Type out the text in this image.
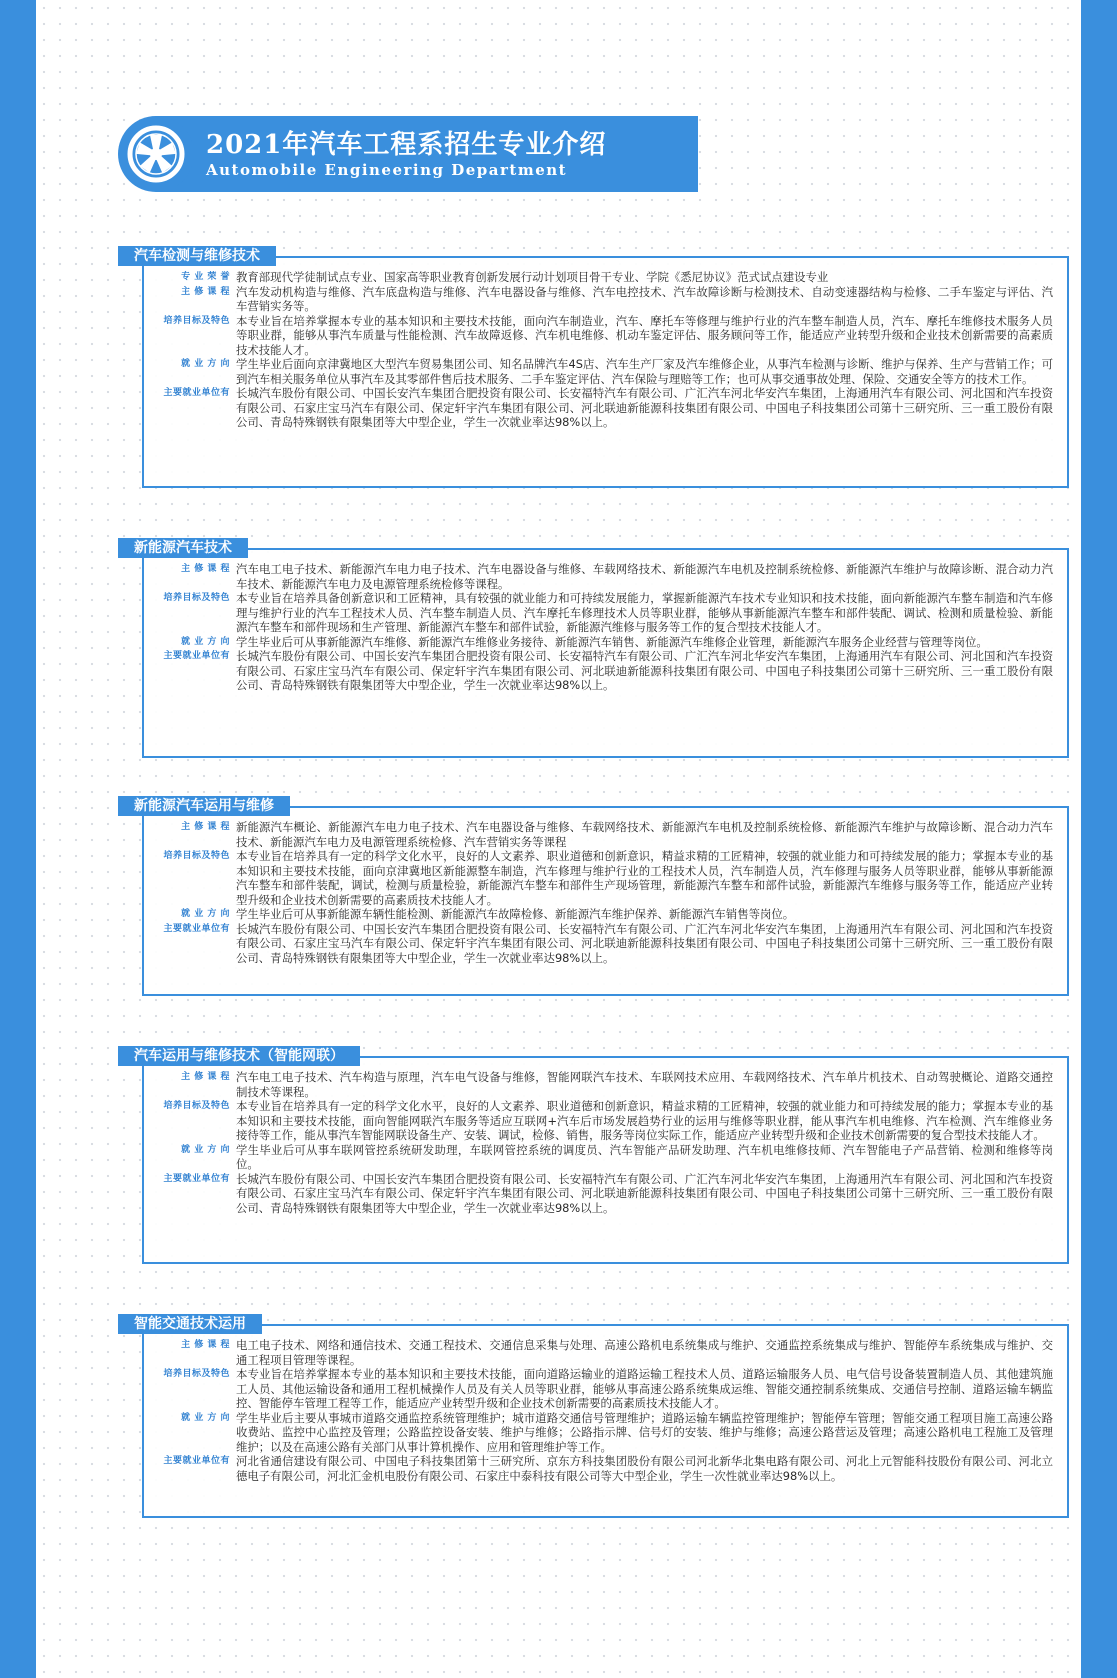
2021年汽车工程系招生专业介绍
Automobile Engineering Department
汽车检测与维修技术
专 业 荣 誉 教育部现代学徒制试点专业、国家高等职业教育创新发展行动计划项目骨干专业、学院《悉尼协议》范式试点建设专业
主 修 课 程 汽车发动机构造与维修、汽车底盘构造与维修、汽车电器设备与维修、汽车电控技术、汽车故障诊断与检测技术、自动变速器结构与检修、二手车鉴定与评估、汽车营销实务等。
培养目标及特色 本专业旨在培养掌握本专业的基本知识和主要技术技能，面向汽车制造业，汽车、摩托车等修理与维护行业的汽车整车制造人员，汽车、摩托车维修技术服务人员等职业群，能够从事汽车质量与性能检测、汽车故障返修、汽车机电维修、机动车鉴定评估、服务顾问等工作，能适应产业转型升级和企业技术创新需要的高素质技术技能人才。
就 业 方 向 学生毕业后面向京津冀地区大型汽车贸易集团公司、知名品牌汽车4S店、汽车生产厂家及汽车维修企业，从事汽车检测与诊断、维护与保养、生产与营销工作；可到汽车相关服务单位从事汽车及其零部件售后技术服务、二手车鉴定评估、汽车保险与理赔等工作；也可从事交通事故处理、保险、交通安全等方的技术工作。
主要就业单位有 长城汽车股份有限公司、中国长安汽车集团合肥投资有限公司、长安福特汽车有限公司、广汇汽车河北华安汽车集团，上海通用汽车有限公司、河北国和汽车投资有限公司、石家庄宝马汽车有限公司、保定轩宇汽车集团有限公司、河北联迪新能源科技集团有限公司、中国电子科技集团公司第十三研究所、三一重工股份有限公司、青岛特殊钢铁有限集团等大中型企业，学生一次就业率达98%以上。
新能源汽车技术
主 修 课 程 汽车电工电子技术、新能源汽车电力电子技术、汽车电器设备与维修、车载网络技术、新能源汽车电机及控制系统检修、新能源汽车维护与故障诊断、混合动力汽车技术、新能源汽车电力及电源管理系统检修等课程。
培养目标及特色 本专业旨在培养具备创新意识和工匠精神，具有较强的就业能力和可持续发展能力，掌握新能源汽车技术专业知识和技术技能，面向新能源汽车整车制造和汽车修理与维护行业的汽车工程技术人员、汽车整车制造人员、汽车摩托车修理技术人员等职业群，能够从事新能源汽车整车和部件装配、调试、检测和质量检验、新能源汽车整车和部件现场和生产管理、新能源汽车整车和部件试验，新能源汽维修与服务等工作的复合型技术技能人才。
就 业 方 向 学生毕业后可从事新能源汽车维修、新能源汽车维修业务接待、新能源汽车销售、新能源汽车维修企业管理，新能源汽车服务企业经营与管理等岗位。
主要就业单位有 长城汽车股份有限公司、中国长安汽车集团合肥投资有限公司、长安福特汽车有限公司、广汇汽车河北华安汽车集团，上海通用汽车有限公司、河北国和汽车投资有限公司、石家庄宝马汽车有限公司、保定轩宇汽车集团有限公司、河北联迪新能源科技集团有限公司、中国电子科技集团公司第十三研究所、三一重工股份有限公司、青岛特殊钢铁有限集团等大中型企业，学生一次就业率达98%以上。
新能源汽车运用与维修
主 修 课 程 新能源汽车概论、新能源汽车电力电子技术、汽车电器设备与维修、车载网络技术、新能源汽车电机及控制系统检修、新能源汽车维护与故障诊断、混合动力汽车技术、新能源汽车电力及电源管理系统检修、汽车营销实务等课程
培养目标及特色 本专业旨在培养具有一定的科学文化水平，良好的人文素养、职业道德和创新意识，精益求精的工匠精神，较强的就业能力和可持续发展的能力；掌握本专业的基本知识和主要技术技能，面向京津冀地区新能源整车制造，汽车修理与维护行业的工程技术人员，汽车制造人员，汽车修理与服务人员等职业群，能够从事新能源汽车整车和部件装配，调试，检测与质量检验，新能源汽车整车和部件生产现场管理，新能源汽车整车和部件试验，新能源汽车维修与服务等工作，能适应产业转型升级和企业技术创新需要的高素质技术技能人才。
就 业 方 向 学生毕业后可从事新能源车辆性能检测、新能源汽车故障检修、新能源汽车维护保养、新能源汽车销售等岗位。
主要就业单位有 长城汽车股份有限公司、中国长安汽车集团合肥投资有限公司、长安福特汽车有限公司、广汇汽车河北华安汽车集团，上海通用汽车有限公司、河北国和汽车投资有限公司、石家庄宝马汽车有限公司、保定轩宇汽车集团有限公司、河北联迪新能源科技集团有限公司、中国电子科技集团公司第十三研究所、三一重工股份有限公司、青岛特殊钢铁有限集团等大中型企业，学生一次就业率达98%以上。
汽车运用与维修技术（智能网联）
主 修 课 程 汽车电工电子技术、汽车构造与原理，汽车电气设备与维修，智能网联汽车技术、车联网技术应用、车载网络技术、汽车单片机技术、自动驾驶概论、道路交通控制技术等课程。
培养目标及特色 本专业旨在培养具有一定的科学文化水平，良好的人文素养、职业道德和创新意识，精益求精的工匠精神，较强的就业能力和可持续发展的能力；掌握本专业的基本知识和主要技术技能，面向智能网联汽车服务等适应互联网+汽车后市场发展趋势行业的运用与维修等职业群，能从事汽车机电维修、汽车检测、汽车维修业务接待等工作，能从事汽车智能网联设备生产、安装、调试，检修、销售，服务等岗位实际工作，能适应产业转型升级和企业技术创新需要的复合型技术技能人才。
就 业 方 向 学生毕业后可从事车联网管控系统研发助理，车联网管控系统的调度员、汽车智能产品研发助理、汽车机电维修技师、汽车智能电子产品营销、检测和维修等岗位。
主要就业单位有 长城汽车股份有限公司、中国长安汽车集团合肥投资有限公司、长安福特汽车有限公司、广汇汽车河北华安汽车集团，上海通用汽车有限公司、河北国和汽车投资有限公司、石家庄宝马汽车有限公司、保定轩宇汽车集团有限公司、河北联迪新能源科技集团有限公司、中国电子科技集团公司第十三研究所、三一重工股份有限公司、青岛特殊钢铁有限集团等大中型企业，学生一次就业率达98%以上。
智能交通技术运用
主 修 课 程 电工电子技术、网络和通信技术、交通工程技术、交通信息采集与处理、高速公路机电系统集成与维护、交通监控系统集成与维护、智能停车系统集成与维护、交通工程项目管理等课程。
培养目标及特色 本专业旨在培养掌握本专业的基本知识和主要技术技能，面向道路运输业的道路运输工程技术人员、道路运输服务人员、电气信号设备装置制造人员、其他建筑施工人员、其他运输设备和通用工程机械操作人员及有关人员等职业群，能够从事高速公路系统集成运维、智能交通控制系统集成、交通信号控制、道路运输车辆监控、智能停车管理工程等工作，能适应产业转型升级和企业技术创新需要的高素质技术技能人才。
就 业 方 向 学生毕业后主要从事城市道路交通监控系统管理维护；城市道路交通信号管理维护；道路运输车辆监控管理维护；智能停车管理；智能交通工程项目施工高速公路收费站、监控中心监控及管理；公路监控设备安装、维护与维修；公路指示牌、信号灯的安装、维护与维修；高速公路营运及管理；高速公路机电工程施工及管理维护；以及在高速公路有关部门从事计算机操作、应用和管理维护等工作。
主要就业单位有 河北省通信建设有限公司、中国电子科技集团第十三研究所、京东方科技集团股份有限公司河北新华北集电路有限公司、河北上元智能科技股份有限公司、河北立德电子有限公司，河北汇金机电股份有限公司、石家庄中泰科技有限公司等大中型企业，学生一次性就业率达98%以上。
